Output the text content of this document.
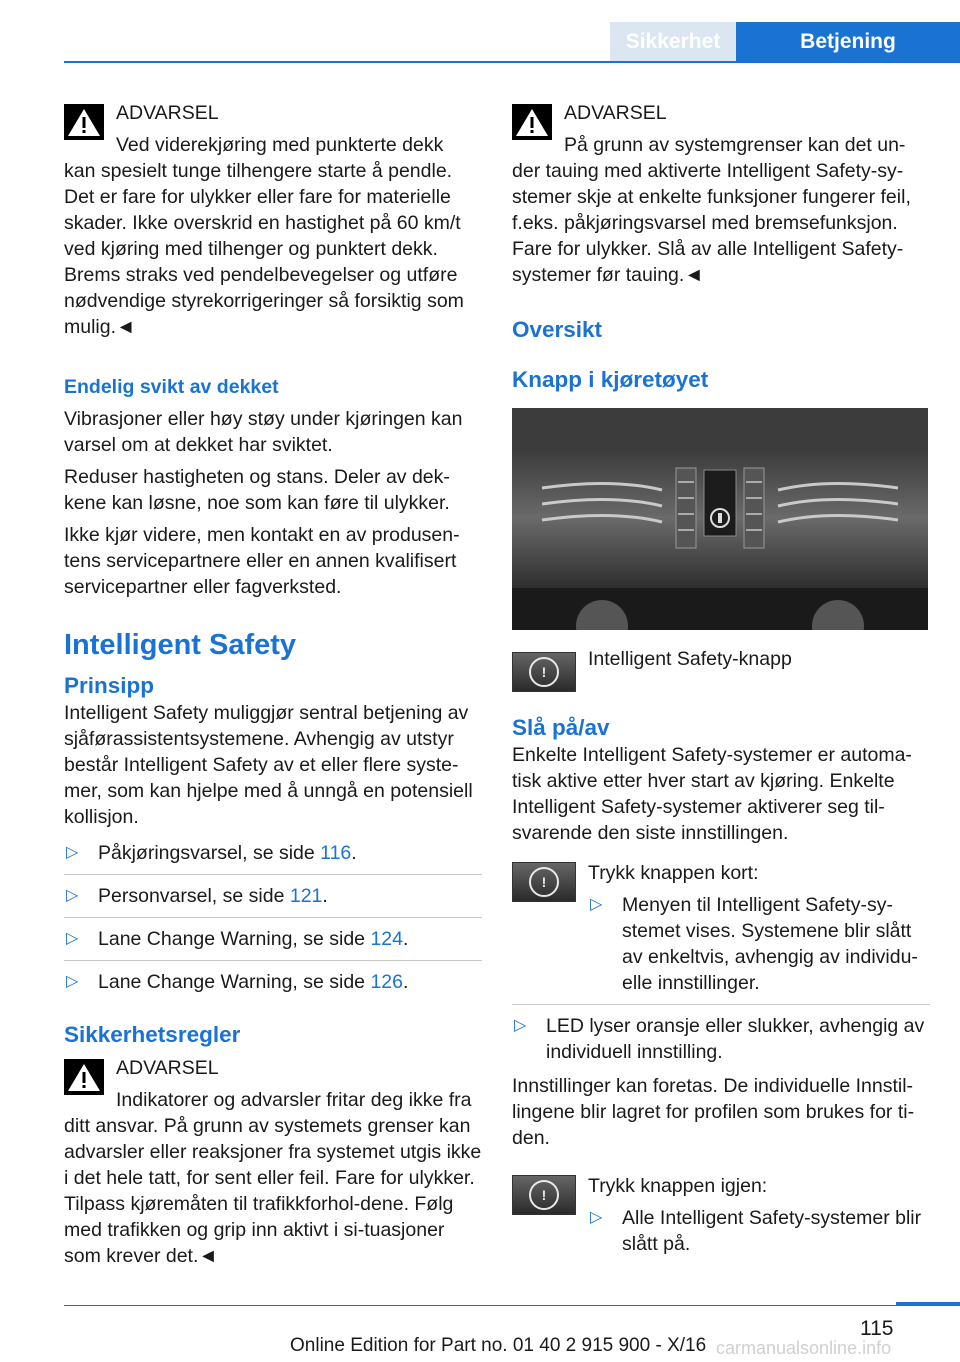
Sikkerhet	Betjening

ADVARSEL

Ved viderekjøring med punkterte dekk

kan spesielt tunge tilhengere starte å pendle. Det er fare for ulykker eller fare for materielle skader. Ikke overskrid en hastighet på 60 km/t ved kjøring med tilhenger og punktert dekk. Brems straks ved pendelbevegelser og utføre nødvendige styrekorrigeringer så forsiktig som mulig.◄

Endelig svikt av dekket

Vibrasjoner eller høy støy under kjøringen kan varsel om at dekket har sviktet.

Reduser hastigheten og stans. Deler av dek-kene kan løsne, noe som kan føre til ulykker.

Ikke kjør videre, men kontakt en av produsen-tens servicepartnere eller en annen kvalifisert servicepartner eller fagverksted.

Intelligent Safety
Prinsipp

Intelligent Safety muliggjør sentral betjening av sjåførassistentsystemene. Avhengig av utstyr består Intelligent Safety av et eller flere syste-mer, som kan hjelpe med å unngå en potensiell kollisjon.

▷ Påkjøringsvarsel, se side 116.
▷ Personvarsel, se side 121.
▷ Lane Change Warning, se side 124.
▷ Lane Change Warning, se side 126.
Sikkerhetsregler

ADVARSEL

Indikatorer og advarsler fritar deg ikke fra

ditt ansvar. På grunn av systemets grenser kan advarsler eller reaksjoner fra systemet utgis ikke i det hele tatt, for sent eller feil. Fare for ulykker. Tilpass kjøremåten til trafikkforhol-dene. Følg med trafikken og grip inn aktivt i si-tuasjoner som krever det.◄

ADVARSEL

På grunn av systemgrenser kan det un-

der tauing med aktiverte Intelligent Safety-sy-stemer skje at enkelte funksjoner fungerer feil, f.eks. påkjøringsvarsel med bremsefunksjon. Fare for ulykker. Slå av alle Intelligent Safety-systemer før tauing.◄

Oversikt
Knapp i kjøretøyet
!

Intelligent Safety-knapp

Slå på/av

Enkelte Intelligent Safety-systemer er automa-tisk aktive etter hver start av kjøring. Enkelte Intelligent Safety-systemer aktiverer seg til-svarende den siste innstillingen.

! Trykk knappen kort:

▷ Menyen til Intelligent Safety-sy-stemet vises. Systemene blir slått av enkeltvis, avhengig av individu-elle innstillinger.
▷ LED lyser oransje eller slukker, avhengig av individuell innstilling.

Innstillinger kan foretas. De individuelle Innstil-lingene blir lagret for profilen som brukes for ti-den.

! Trykk knappen igjen:

▷ Alle Intelligent Safety-systemer blir slått på.
115
Online Edition for Part no. 01 40 2 915 900 - X/16 carmanualsonline.info
